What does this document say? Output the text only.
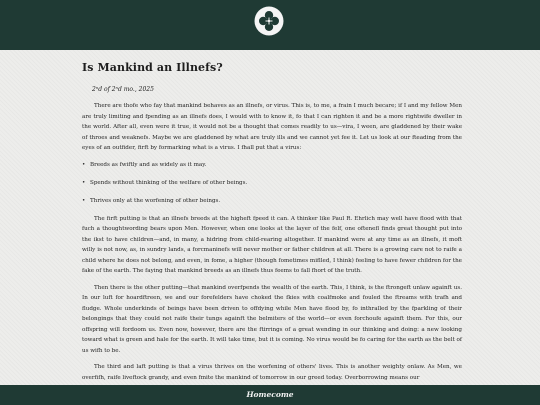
Is Mankind an Illnefs?
2ⁿd of 2ⁿd mo., 2025

There are thofe who fay that mankind behaves as an illnefs, or virus. This is, to me, a frain I much becare; if I and my fellow Men are truly limiting and fpending as an illnefs does, I would with to know it, fo that I can righten it and be a more rightwife dweller in the world. After all, even were it true, it would not be a thought that comes readily to us—vira, I ween, are gladdened by their wake of throes and weaknefs. Maybe we are gladdened by what are truly ills and we cannot yet fee it. Let us look at our fteading from the eyes of an outfider, firft by formarking what is a virus. I fhall put that a virus:

• Breeds as fwiftly and as widely as it may.
• Spends without thinking of the welfare of other beings.
• Thrives only at the worfening of other beings.

The firft putting is that an illnefs breeds at the higheft fpeed it can. A thinker like Paul R. Ehrlich may well have flood with that fuch a thoughtwording bears upon Men. However, when one looks at the layer of the felf, one oftenefl finds great thought put into the ikst to have children—and, in many, a hidring from child-rearing altogether. If mankind were at any time as an illnefs, it moft willy is not now, as, in sundry lands, a forcmaninefs will never mother or father children at all. There is a growing care not to raife a child where he does not belong, and even, in fome, a higher (though fometimes miflled, I think) feeling to have fewer children for the fake of the earth. The faying that mankind breeds as an illnefs thus feems to fall fhort of the truth.

Then there is the other putting—that mankind overfpends the wealth of the earth. This, I think, is the ftrongeft unlaw againft us. In our luft for hoardftreen, we and our forefelders have choked the fkies with coalfmoke and fouled the ftreams with trafh and fludge. Whole underkinds of beings have been driven to offdying while Men have flood by, fo inthralled by the fparkling of their belongings that they could not raife their tungs againft the belmiters of the world—or even forchoufe againft them. For this, our offspring will fordoom us. Even now, however, there are the ftirrings of a great wending in our thinking and doing: a new looking toward what is green and hale for the earth. It will take time, but it is coming. No virus would be fo caring for the earth as the belt of us wifh to be.

The third and laft putting is that a virus thrives on the worfening of others' lives. This is another weighty onlaw. As Men, we overfifh, raife liveftock grandy, and even fmite the mankind of tomorrow in our greed today. Overborrowing means our

Homecome
